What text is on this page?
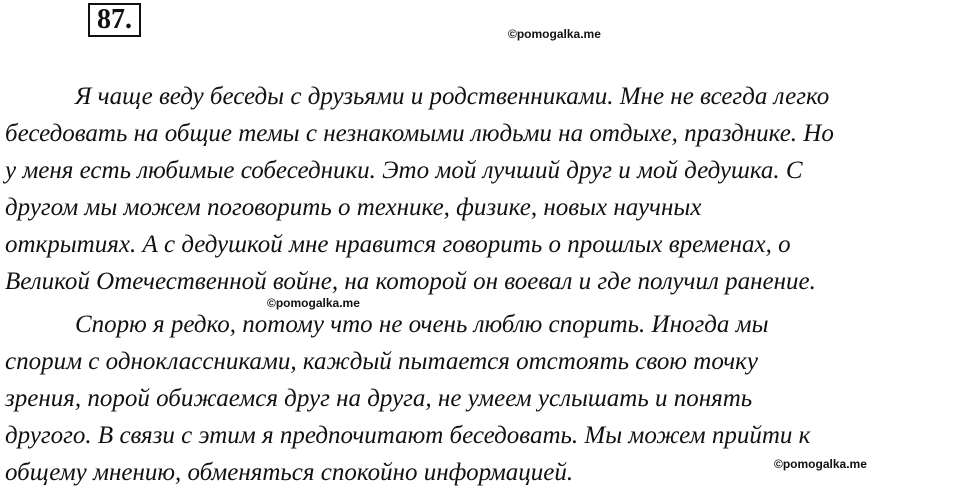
87.	©pomogalka.me
©pomogalka.me
©pomogalka.me
Я чаще веду беседы с друзьями и родственниками. Мне не всегда легко
беседовать на общие темы с незнакомыми людьми на отдыхе, празднике. Но
у меня есть любимые собеседники. Это мой лучший друг и мой дедушка. С
другом мы можем поговорить о технике, физике, новых научных
открытиях. А с дедушкой мне нравится говорить о прошлых временах, о
Великой Отечественной войне, на которой он воевал и где получил ранение.
Спорю я редко, потому что не очень люблю спорить. Иногда мы
спорим с одноклассниками, каждый пытается отстоять свою точку
зрения, порой обижаемся друг на друга, не умеем услышать и понять
другого. В связи с этим я предпочитают беседовать. Мы можем прийти к
общему мнению, обменяться спокойно информацией.
